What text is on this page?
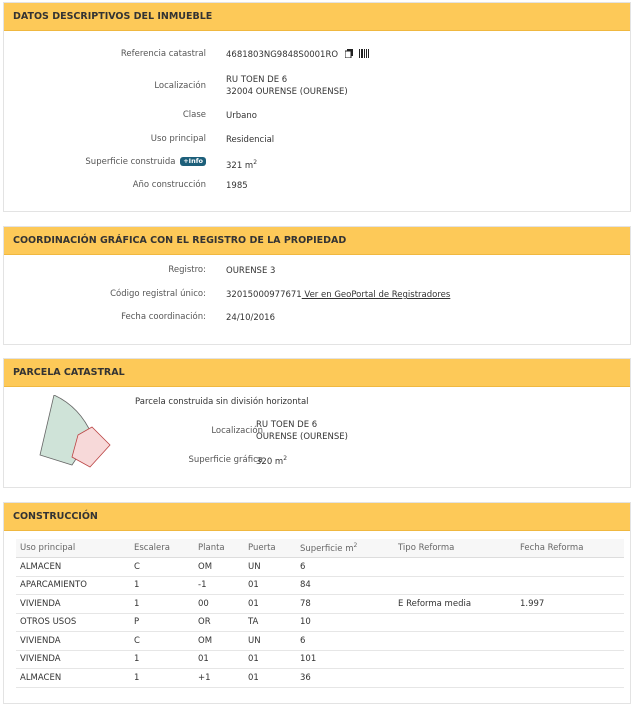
DATOS DESCRIPTIVOS DEL INMUEBLE
Referencia catastral 4681803NG9848S0001RO
Localización
RU TOEN DE 6
32004 OURENSE (OURENSE)
Clase Urbano
Uso principal Residencial
Superficie construida +Info	321 $m^2$
Año construcción 1985
COORDINACIÓN GRÁFICA CON EL REGISTRO DE LA PROPIEDAD
Registro: OURENSE 3
Código registral único: 32015000977671 Ver en GeoPortal de Registradores
Fecha coordinación: 24/10/2016
PARCELA CATASTRAL
Parcela construida sin división horizontal
Localización
RU TOEN DE 6
OURENSE (OURENSE)
Superficie gráfica
320 $m^2$
CONSTRUCCIÓN
Uso principal	Escalera	Planta	Puerta	Superficie $m^2$	Tipo Reforma	Fecha Reforma
ALMACEN	C	OM	UN	6		
APARCAMIENTO	1	-1	01	84		
VIVIENDA	1	00	01	78	E Reforma media	1.997
OTROS USOS	P	OR	TA	10		
VIVIENDA	C	OM	UN	6		
VIVIENDA	1	01	01	101		
ALMACEN	1	+1	01	36		
